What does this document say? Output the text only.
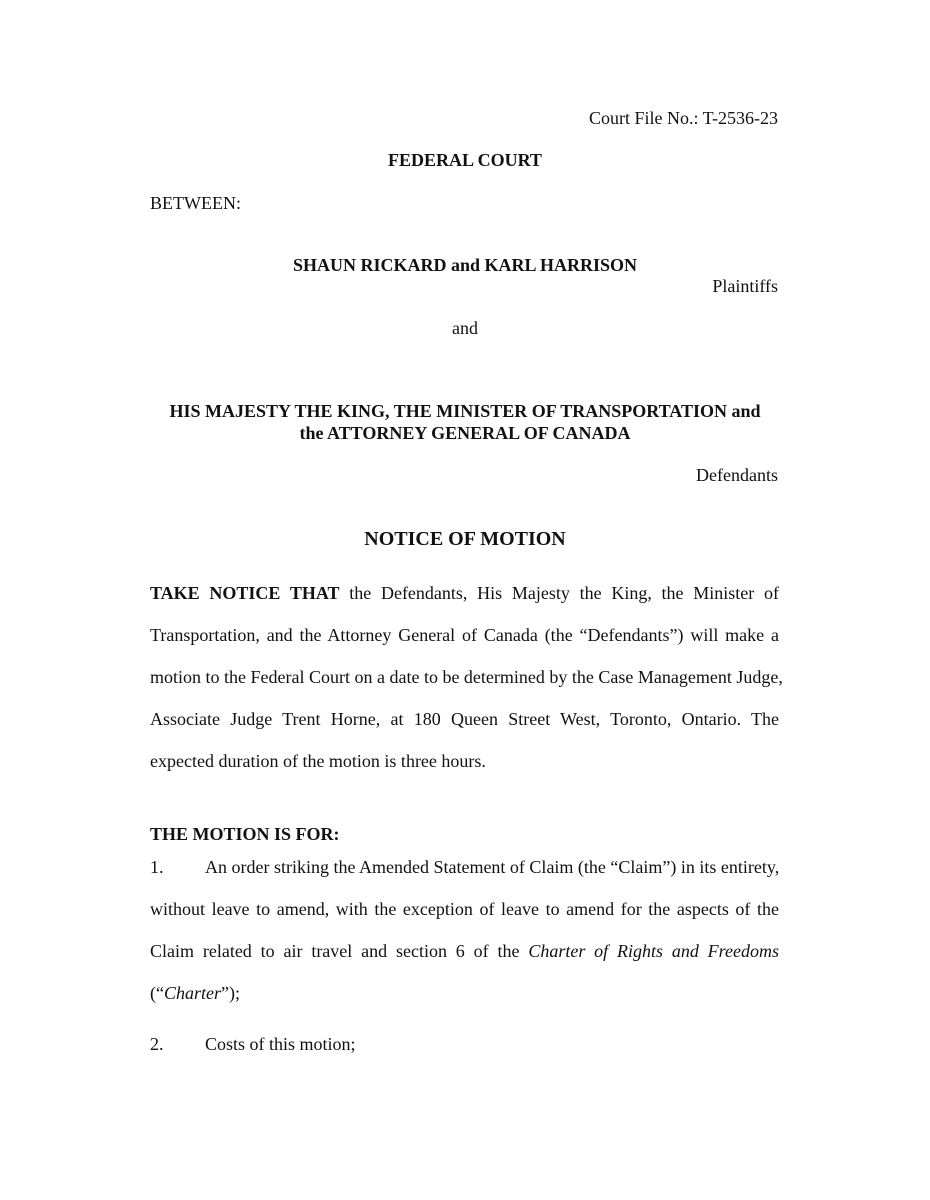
Court File No.: T-2536-23
FEDERAL COURT
BETWEEN:
SHAUN RICKARD and KARL HARRISON
Plaintiffs
and
HIS MAJESTY THE KING, THE MINISTER OF TRANSPORTATION and
the ATTORNEY GENERAL OF CANADA
Defendants
NOTICE OF MOTION
TAKE NOTICE THAT the Defendants, His Majesty the King, the Minister of
Transportation, and the Attorney General of Canada (the “Defendants”) will make a
motion to the Federal Court on a date to be determined by the Case Management Judge,
Associate Judge Trent Horne, at 180 Queen Street West, Toronto, Ontario. The
expected duration of the motion is three hours.
THE MOTION IS FOR:
1.	An order striking the Amended Statement of Claim (the “Claim”) in its entirety,
without leave to amend, with the exception of leave to amend for the aspects of the
Claim related to air travel and section 6 of the Charter of Rights and Freedoms
(“Charter”);
2. Costs of this motion;
